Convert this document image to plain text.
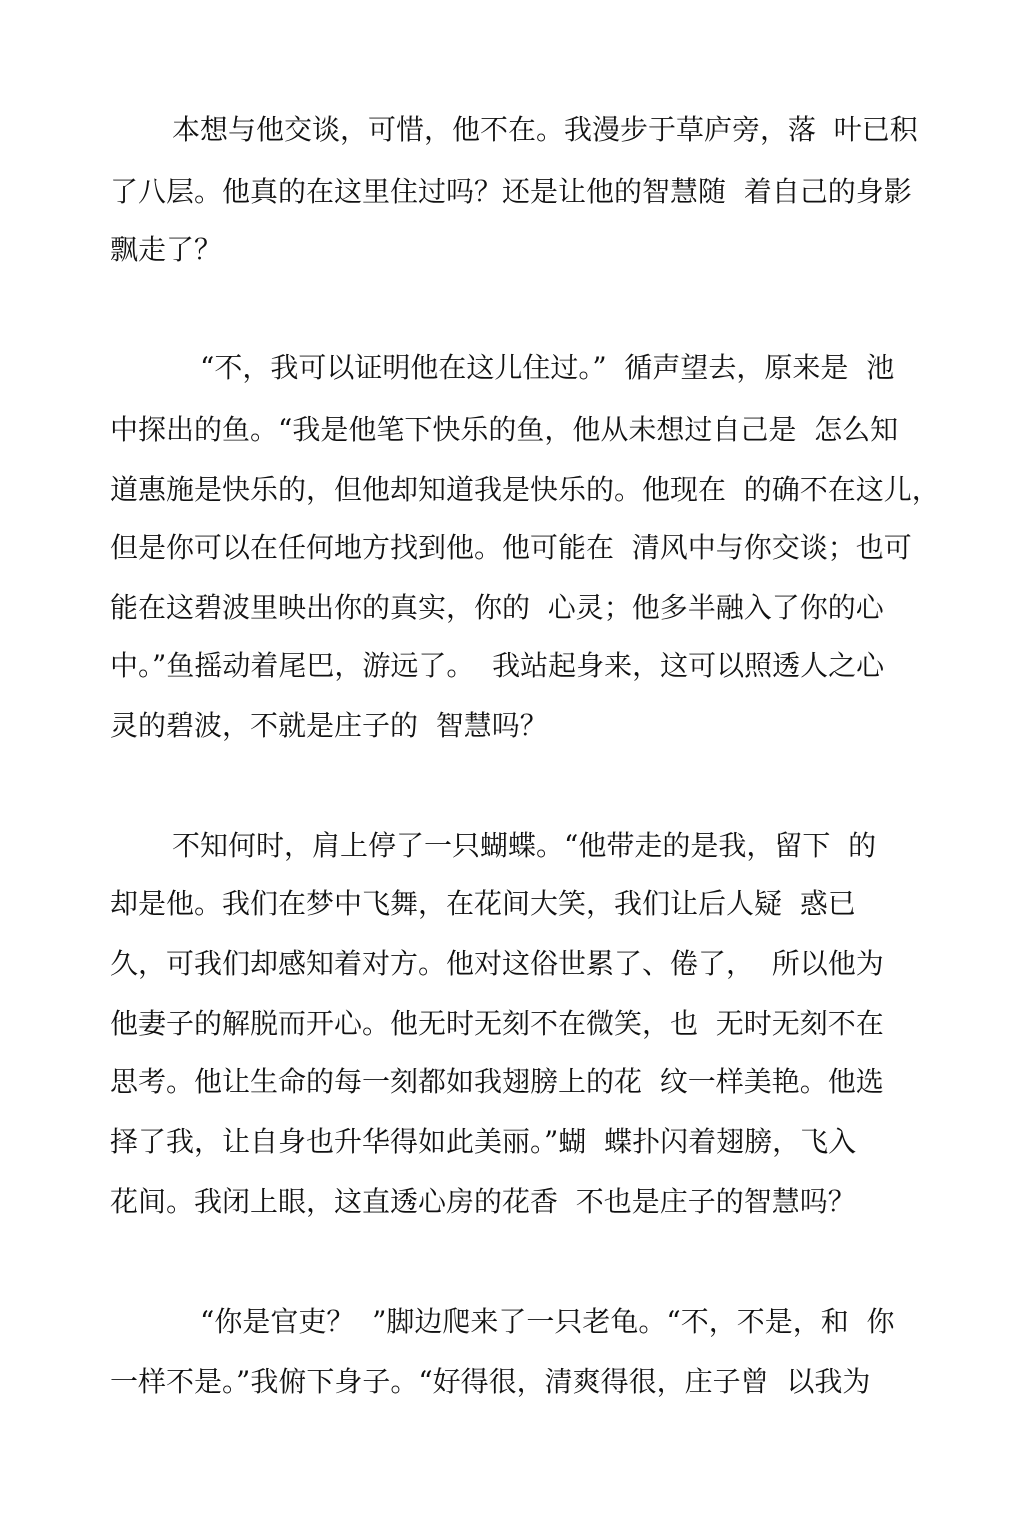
本想与他交谈，可惜，他不在。我漫步于草庐旁，落  叶已积
了八层。他真的在这里住过吗？还是让他的智慧随  着自己的身影
飘走了？
“不，我可以证明他在这儿住过。”  循声望去，原来是  池
中探出的鱼。“我是他笔下快乐的鱼，他从未想过自己是  怎么知
道惠施是快乐的，但他却知道我是快乐的。他现在  的确不在这儿，
但是你可以在任何地方找到他。他可能在  清风中与你交谈；也可
能在这碧波里映出你的真实，你的  心灵；他多半融入了你的心
中。”鱼摇动着尾巴，游远了。  我站起身来，这可以照透人之心
灵的碧波，不就是庄子的  智慧吗？
不知何时，肩上停了一只蝴蝶。“他带走的是我，留下  的
却是他。我们在梦中飞舞，在花间大笑，我们让后人疑  惑已
久，可我们却感知着对方。他对这俗世累了、倦了，  所以他为
他妻子的解脱而开心。他无时无刻不在微笑，也  无时无刻不在
思考。他让生命的每一刻都如我翅膀上的花  纹一样美艳。他选
择了我，让自身也升华得如此美丽。”蝴  蝶扑闪着翅膀，飞入
花间。我闭上眼，这直透心房的花香  不也是庄子的智慧吗？
“你是官吏？  ”脚边爬来了一只老龟。“不，不是，和  你
一样不是。”我俯下身子。“好得很，清爽得很，庄子曾  以我为
